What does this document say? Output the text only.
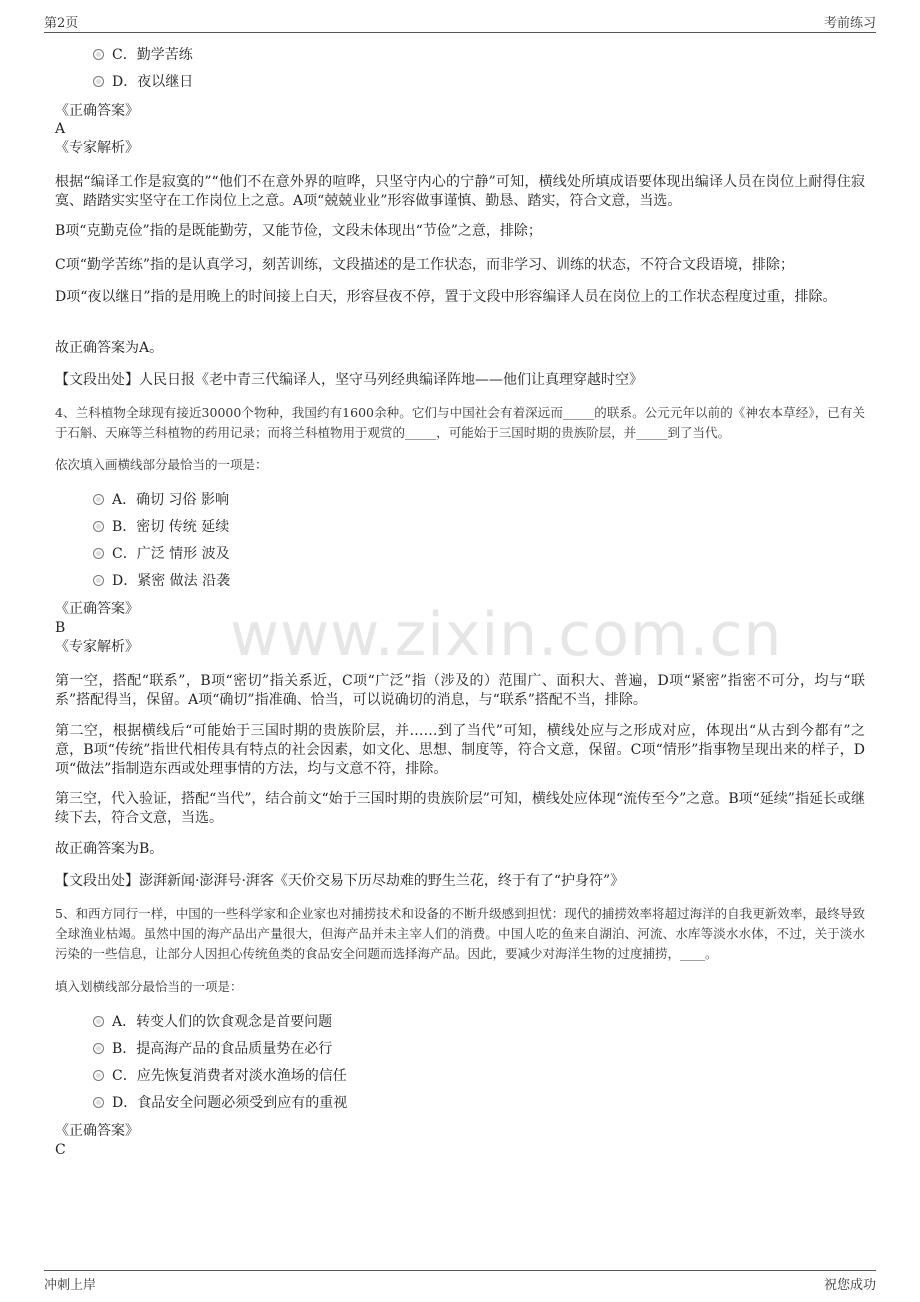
第2页	考前练习
www.zixin.com.cn
C．勤学苦练
D．夜以继日
《正确答案》
A
《专家解析》
根据“编译工作是寂寞的”“他们不在意外界的喧哗，只坚守内心的宁静”可知，横线处所填成语要体现出编译人员在岗位上耐得住寂寞、踏踏实实坚守在工作岗位上之意。A项“兢兢业业”形容做事谨慎、勤恳、踏实，符合文意，当选。
B项“克勤克俭”指的是既能勤劳，又能节俭，文段未体现出“节俭”之意，排除；
C项“勤学苦练”指的是认真学习，刻苦训练，文段描述的是工作状态，而非学习、训练的状态，不符合文段语境，排除；
D项“夜以继日”指的是用晚上的时间接上白天，形容昼夜不停，置于文段中形容编译人员在岗位上的工作状态程度过重，排除。
故正确答案为A。
【文段出处】人民日报《老中青三代编译人，坚守马列经典编译阵地——他们让真理穿越时空》
4、兰科植物全球现有接近30000个物种，我国约有1600余种。它们与中国社会有着深远而_____的联系。公元元年以前的《神农本草经》，已有关于石斛、天麻等兰科植物的药用记录；而将兰科植物用于观赏的_____，可能始于三国时期的贵族阶层，并_____到了当代。
依次填入画横线部分最恰当的一项是：
A．确切 习俗 影响
B．密切 传统 延续
C．广泛 情形 波及
D．紧密 做法 沿袭
《正确答案》
B
《专家解析》
第一空，搭配“联系”，B项“密切”指关系近，C项“广泛”指（涉及的）范围广、面积大、普遍，D项“紧密”指密不可分，均与“联系”搭配得当，保留。A项“确切”指准确、恰当，可以说确切的消息，与“联系”搭配不当，排除。
第二空，根据横线后“可能始于三国时期的贵族阶层，并……到了当代”可知，横线处应与之形成对应，体现出“从古到今都有”之意，B项“传统”指世代相传具有特点的社会因素，如文化、思想、制度等，符合文意，保留。C项“情形”指事物呈现出来的样子，D项“做法”指制造东西或处理事情的方法，均与文意不符，排除。
第三空，代入验证，搭配“当代”，结合前文“始于三国时期的贵族阶层”可知，横线处应体现“流传至今”之意。B项“延续”指延长或继续下去，符合文意，当选。
故正确答案为B。
【文段出处】澎湃新闻·澎湃号·湃客《天价交易下历尽劫难的野生兰花，终于有了“护身符”》
5、和西方同行一样，中国的一些科学家和企业家也对捕捞技术和设备的不断升级感到担忧：现代的捕捞效率将超过海洋的自我更新效率，最终导致全球渔业枯竭。虽然中国的海产品出产量很大，但海产品并未主宰人们的消费。中国人吃的鱼来自湖泊、河流、水库等淡水水体，不过，关于淡水污染的一些信息，让部分人因担心传统鱼类的食品安全问题而选择海产品。因此，要减少对海洋生物的过度捕捞，____。
填入划横线部分最恰当的一项是：
A．转变人们的饮食观念是首要问题
B．提高海产品的食品质量势在必行
C．应先恢复消费者对淡水渔场的信任
D．食品安全问题必须受到应有的重视
《正确答案》
C
冲刺上岸	祝您成功
